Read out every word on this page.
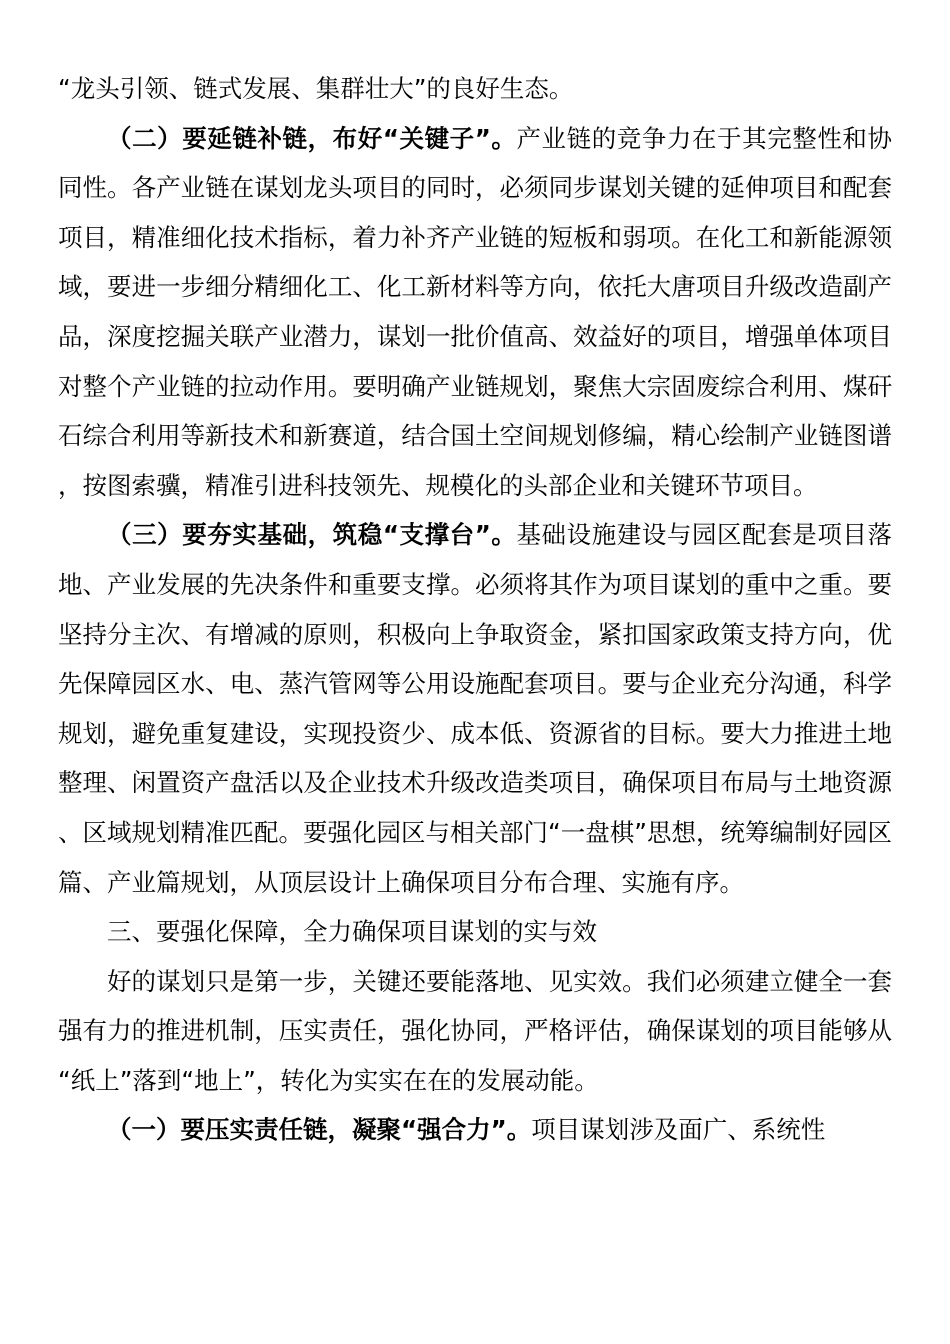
“龙头引领、链式发展、集群壮大”的良好生态。

（二）要延链补链，布好“关键子”。产业链的竞争力在于其完整性和协同性。各产业链在谋划龙头项目的同时，必须同步谋划关键的延伸项目和配套项目，精准细化技术指标，着力补齐产业链的短板和弱项。在化工和新能源领域，要进一步细分精细化工、化工新材料等方向，依托大唐项目升级改造副产品，深度挖掘关联产业潜力，谋划一批价值高、效益好的项目，增强单体项目对整个产业链的拉动作用。要明确产业链规划，聚焦大宗固废综合利用、煤矸石综合利用等新技术和新赛道，结合国土空间规划修编，精心绘制产业链图谱，按图索骥，精准引进科技领先、规模化的头部企业和关键环节项目。

（三）要夯实基础，筑稳“支撑台”。基础设施建设与园区配套是项目落地、产业发展的先决条件和重要支撑。必须将其作为项目谋划的重中之重。要坚持分主次、有增减的原则，积极向上争取资金，紧扣国家政策支持方向，优先保障园区水、电、蒸汽管网等公用设施配套项目。要与企业充分沟通，科学规划，避免重复建设，实现投资少、成本低、资源省的目标。要大力推进土地整理、闲置资产盘活以及企业技术升级改造类项目，确保项目布局与土地资源、区域规划精准匹配。要强化园区与相关部门“一盘棋”思想，统筹编制好园区篇、产业篇规划，从顶层设计上确保项目分布合理、实施有序。

三、要强化保障，全力确保项目谋划的实与效

好的谋划只是第一步，关键还要能落地、见实效。我们必须建立健全一套强有力的推进机制，压实责任，强化协同，严格评估，确保谋划的项目能够从“纸上”落到“地上”，转化为实实在在的发展动能。

（一）要压实责任链，凝聚“强合力”。项目谋划涉及面广、系统性
